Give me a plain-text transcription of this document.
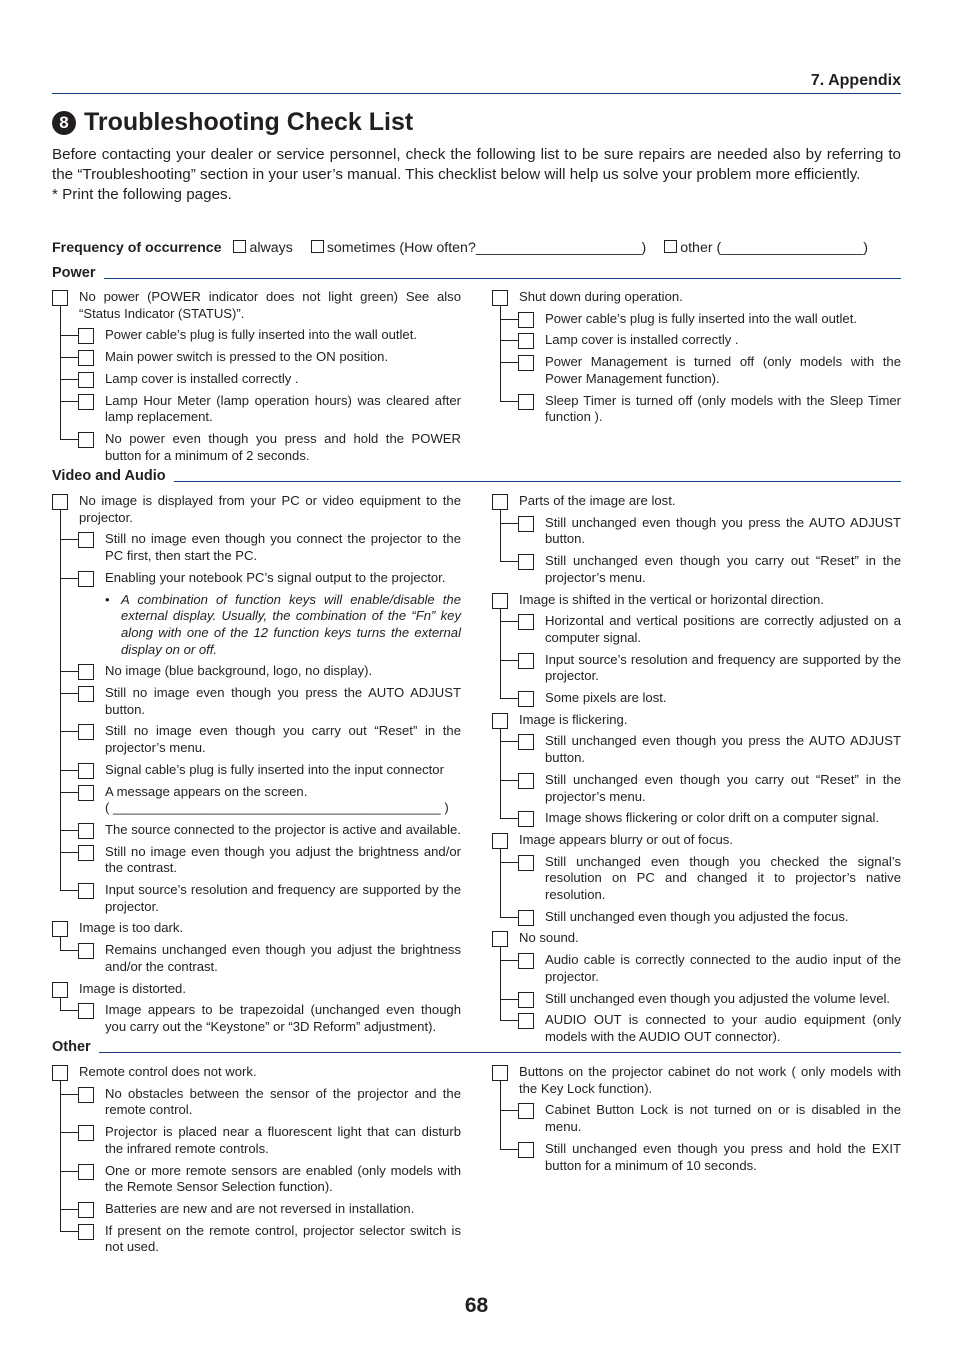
7. Appendix
8 Troubleshooting Check List

Before contacting your dealer or service personnel, check the following list to be sure repairs are needed also by referring to the “Troubleshooting” section in your user’s manual. This checklist below will help us solve your problem more efficiently.

* Print the following pages.

Frequency of occurrence always sometimes (How often?_____________________) other (__________________)
Power
No power (POWER indicator does not light green) See also “Status Indicator (STATUS)”.
Power cable’s plug is fully inserted into the wall outlet.
Main power switch is pressed to the ON position.
Lamp cover is installed correctly .
Lamp Hour Meter (lamp operation hours) was cleared after lamp replacement.
No power even though you press and hold the POWER button for a minimum of 2 seconds.
Shut down during operation.
Power cable’s plug is fully inserted into the wall outlet.
Lamp cover is installed correctly .
Power Management is turned off (only models with the Power Management function).
Sleep Timer is turned off (only models with the Sleep Timer function ).
Video and Audio
No image is displayed from your PC or video equipment to the projector.
Still no image even though you connect the projector to the PC first, then start the PC.
Enabling your notebook PC’s signal output to the projector.
• A combination of function keys will enable/disable the external display. Usually, the combination of the “Fn” key along with one of the 12 function keys turns the external display on or off.
No image (blue background, logo, no display).
Still no image even though you press the AUTO ADJUST button.
Still no image even though you carry out “Reset” in the projector’s menu.
Signal cable’s plug is fully inserted into the input connector
A message appears on the screen.
( _____________________________________________ )
The source connected to the projector is active and available.
Still no image even though you adjust the brightness and/or the contrast.
Input source’s resolution and frequency are supported by the projector.
Image is too dark.
Remains unchanged even though you adjust the brightness and/or the contrast.
Image is distorted.
Image appears to be trapezoidal (unchanged even though you carry out the “Keystone” or “3D Reform” adjustment).
Parts of the image are lost.
Still unchanged even though you press the AUTO ADJUST button.
Still unchanged even though you carry out “Reset” in the projector’s menu.
Image is shifted in the vertical or horizontal direction.
Horizontal and vertical positions are correctly adjusted on a computer signal.
Input source’s resolution and frequency are supported by the projector.
Some pixels are lost.
Image is flickering.
Still unchanged even though you press the AUTO ADJUST button.
Still unchanged even though you carry out “Reset” in the projector’s menu.
Image shows flickering or color drift on a computer signal.
Image appears blurry or out of focus.
Still unchanged even though you checked the signal’s resolution on PC and changed it to projector’s native resolution.
Still unchanged even though you adjusted the focus.
No sound.
Audio cable is correctly connected to the audio input of the projector.
Still unchanged even though you adjusted the volume level.
AUDIO OUT is connected to your audio equipment (only models with the AUDIO OUT connector).
Other
Remote control does not work.
No obstacles between the sensor of the projector and the remote control.
Projector is placed near a fluorescent light that can disturb the infrared remote controls.
One or more remote sensors are enabled (only models with the Remote Sensor Selection function).
Batteries are new and are not reversed in installation.
If present on the remote control, projector selector switch is not used.
Buttons on the projector cabinet do not work ( only models with the Key Lock function).
Cabinet Button Lock is not turned on or is disabled in the menu.
Still unchanged even though you press and hold the EXIT button for a minimum of 10 seconds.
68
